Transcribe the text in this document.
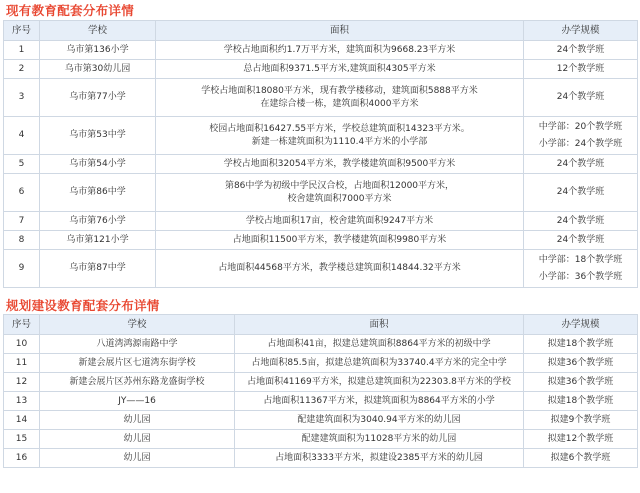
现有教育配套分布详情
序号	学校	面积	办学规模
1	乌市第136小学	学校占地面积约1.7万平方米，建筑面积为9668.23平方米	24个教学班

2	乌市第30幼儿园	总占地面积9371.5平方米,建筑面积4305平方米	12个教学班

3	乌市第77小学	学校占地面积18080平方米，现有教学楼移动，建筑面积5888平方米
在建综合楼一栋，建筑面积4000平方米	24个教学班

4	乌市第53中学	校园占地面积16427.55平方米，学校总建筑面积14323平方米。
新建一栋建筑面积为1110.4平方米的小学部	中学部：20个教学班
小学部：24个教学班

5	乌市第54小学	学校占地面积32054平方米，教学楼建筑面积9500平方米	24个教学班

6	乌市第86中学	第86中学为初级中学民汉合校，占地面积12000平方米，
校舍建筑面积7000平方米	24个教学班

7	乌市第76小学	学校占地面积17亩，校舍建筑面积9247平方米	24个教学班

8	乌市第121小学	占地面积11500平方米，教学楼建筑面积9980平方米	24个教学班

9	乌市第87中学	占地面积44568平方米，教学楼总建筑面积14844.32平方米	中学部：18个教学班
小学部：36个教学班
规划建设教育配套分布详情
序号	学校	面积	办学规模
10	八道湾鸿源南路中学	占地面积41亩，拟建总建筑面积8864平方米的初级中学	拟建18个教学班
11	新建会展片区七道湾东街学校	占地面积85.5亩，拟建总建筑面积为33740.4平方米的完全中学	拟建36个教学班
12	新建会展片区苏州东路龙盛街学校	占地面积41169平方米，拟建总建筑面积为22303.8平方米的学校	拟建36个教学班
13	JY——16	占地面积11367平方米，拟建筑面积为8864平方米的小学	拟建18个教学班
14	幼儿园	配建建筑面积为3040.94平方米的幼儿园	拟建9个教学班
15	幼儿园	配建建筑面积为11028平方米的幼儿园	拟建12个教学班
16	幼儿园	占地面积3333平方米，拟建设2385平方米的幼儿园	拟建6个教学班
